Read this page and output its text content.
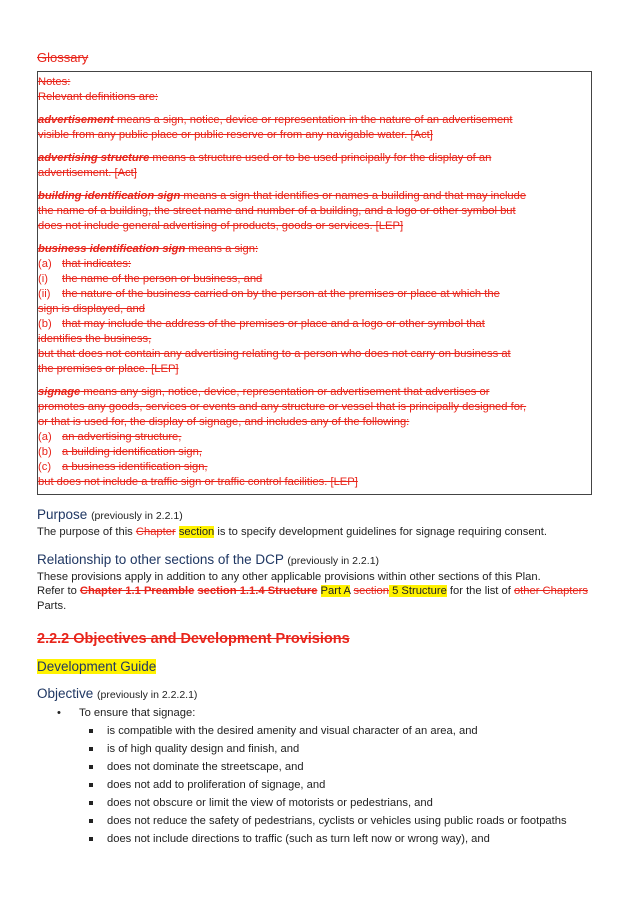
Glossary
Notes:
Relevant definitions are:
advertisement means a sign, notice, device or representation in the nature of an advertisement
visible from any public place or public reserve or from any navigable water. [Act]
advertising structure means a structure used or to be used principally for the display of an
advertisement. [Act]
building identification sign means a sign that identifies or names a building and that may include
the name of a building, the street name and number of a building, and a logo or other symbol but
does not include general advertising of products, goods or services. [LEP]
business identification sign means a sign:
(a) that indicates:
(i) the name of the person or business, and
(ii) the nature of the business carried on by the person at the premises or place at which the
sign is displayed, and
(b) that may include the address of the premises or place and a logo or other symbol that
identifies the business,
but that does not contain any advertising relating to a person who does not carry on business at
the premises or place. [LEP]
signage means any sign, notice, device, representation or advertisement that advertises or
promotes any goods, services or events and any structure or vessel that is principally designed for,
or that is used for, the display of signage, and includes any of the following:
(a) an advertising structure,
(b) a building identification sign,
(c) a business identification sign,
but does not include a traffic sign or traffic control facilities. [LEP]
Purpose (previously in 2.2.1)

The purpose of this Chapter section is to specify development guidelines for signage requiring consent.

Relationship to other sections of the DCP (previously in 2.2.1)

These provisions apply in addition to any other applicable provisions within other sections of this Plan.
Refer to Chapter 1.1 Preamble section 1.1.4 Structure Part A section 5 Structure for the list of other Chapters Parts.

2.2.2 Objectives and Development Provisions
Development Guide
Objective (previously in 2.2.2.1)
• To ensure that signage:
is compatible with the desired amenity and visual character of an area, and
is of high quality design and finish, and
does not dominate the streetscape, and
does not add to proliferation of signage, and
does not obscure or limit the view of motorists or pedestrians, and
does not reduce the safety of pedestrians, cyclists or vehicles using public roads or footpaths
does not include directions to traffic (such as turn left now or wrong way), and
